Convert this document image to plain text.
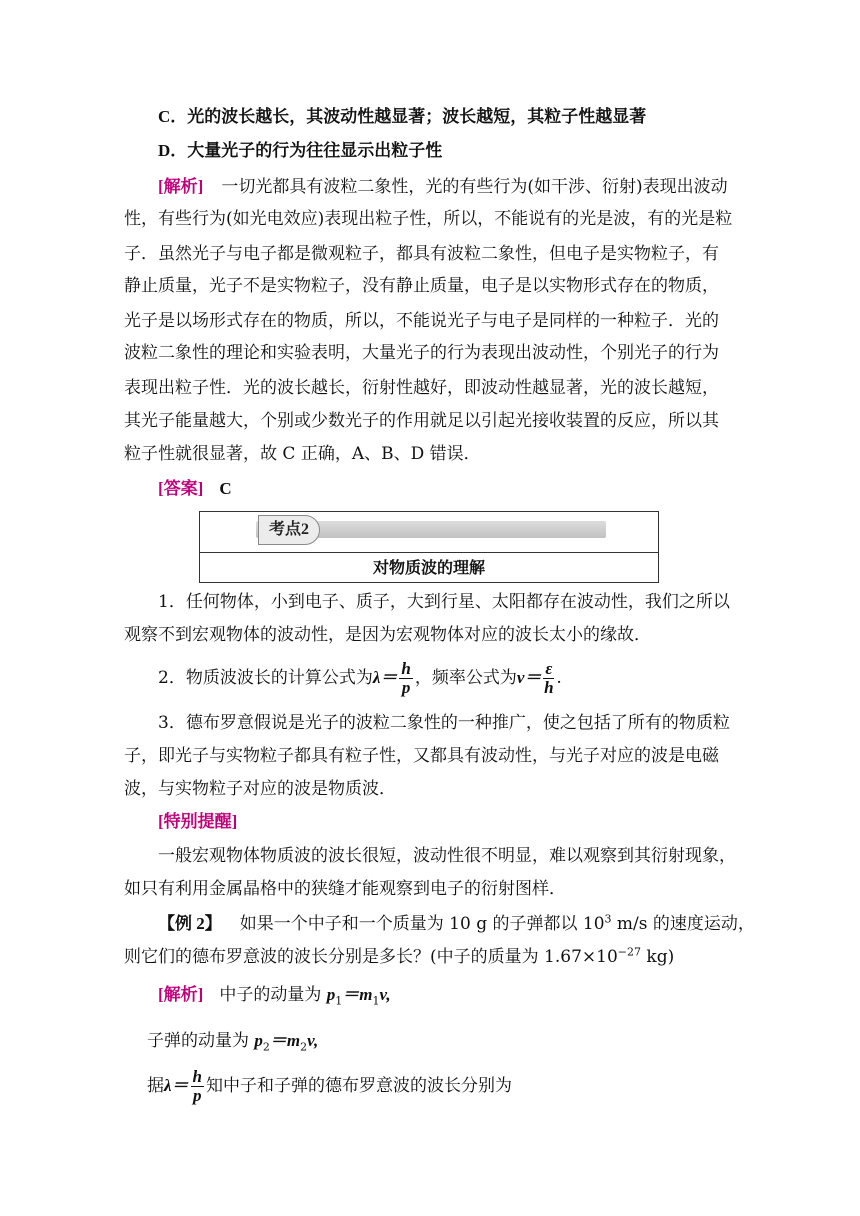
C．光的波长越长，其波动性越显著；波长越短，其粒子性越显著
D．大量光子的行为往往显示出粒子性
[解析] 一切光都具有波粒二象性，光的有些行为(如干涉、衍射)表现出波动
性，有些行为(如光电效应)表现出粒子性，所以，不能说有的光是波，有的光是粒
子．虽然光子与电子都是微观粒子，都具有波粒二象性，但电子是实物粒子，有
静止质量，光子不是实物粒子，没有静止质量，电子是以实物形式存在的物质，
光子是以场形式存在的物质，所以，不能说光子与电子是同样的一种粒子．光的
波粒二象性的理论和实验表明，大量光子的行为表现出波动性，个别光子的行为
表现出粒子性．光的波长越长，衍射性越好，即波动性越显著，光的波长越短，
其光子能量越大，个别或少数光子的作用就足以引起光接收装置的反应，所以其
粒子性就很显著，故 C 正确，A、B、D 错误．
[答案] C
考点2
对物质波的理解
1．任何物体，小到电子、质子，大到行星、太阳都存在波动性，我们之所以
观察不到宏观物体的波动性，是因为宏观物体对应的波长太小的缘故．
2．物质波波长的计算公式为$\lambda= \frac{h}{p}$ ，频率公式为$\nu= \frac{\varepsilon}{h}$ .
3．德布罗意假说是光子的波粒二象性的一种推广，使之包括了所有的物质粒
子，即光子与实物粒子都具有粒子性，又都具有波动性，与光子对应的波是电磁
波，与实物粒子对应的波是物质波．
[特别提醒]
一般宏观物体物质波的波长很短，波动性很不明显，难以观察到其衍射现象，
如只有利用金属晶格中的狭缝才能观察到电子的衍射图样．
【例 2】 如果一个中子和一个质量为 10 g 的子弹都以 $10^3$ m/s 的速度运动，
则它们的德布罗意波的波长分别是多长？(中子的质量为 $1.67\times 10^{-27}$ kg)
[解析] 中子的动量为 $p_1=m_1v$,
子弹的动量为 $p_2=m_2v$,
据$\lambda= \frac{h}{p}$ 知中子和子弹的德布罗意波的波长分别为
